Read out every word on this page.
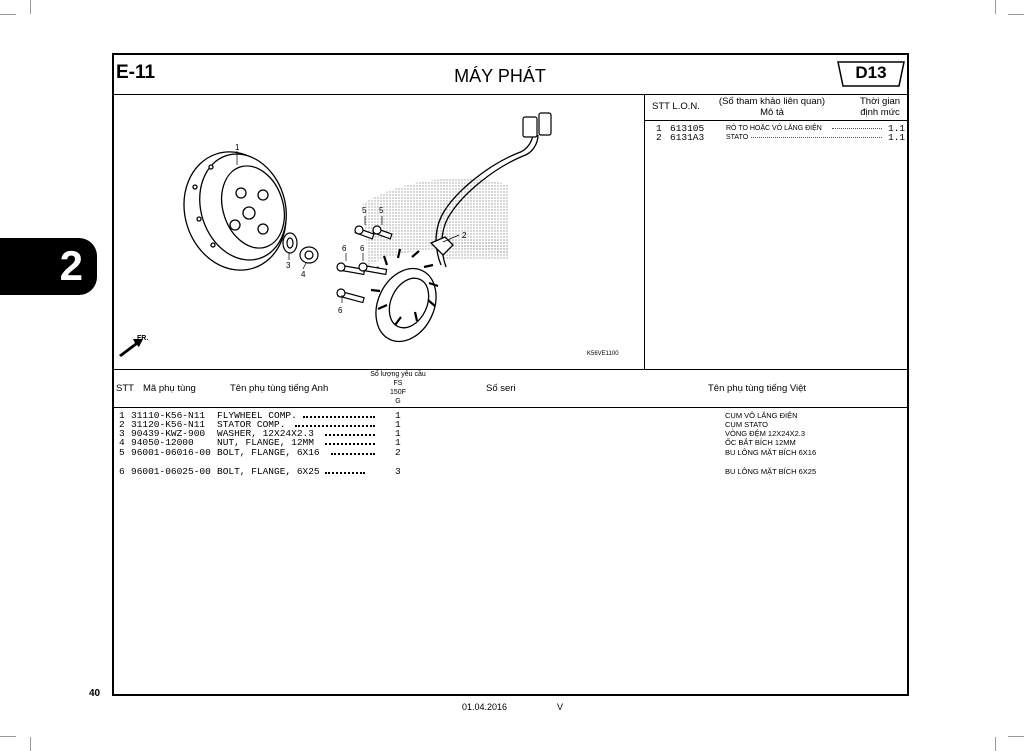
2
E-11	MÁY PHÁT	D13
STT L.O.N.	(Số tham khảo liên quan)
Mô tả
Thời gian
định mức
1 613105	RÔ TO HOẶC VÔ LĂNG ĐIỆN	1.1
2 6131A3	STATO	1.1
1
2
3
4
5 5
6 6
6
FR.
K56VE1100
STT Mã phụ tùng	Tên phụ tùng tiếng Anh
Số lượng yêu cầu
FS
150F
G
Số seri	Tên phụ tùng tiếng Việt
1 31110-K56-N11 FLYWHEEL COMP.	1	CỤM VÔ LĂNG ĐIỆN
2 31120-K56-N11 STATOR COMP.	1	CỤM STATO
3 90439-KWZ-900 WASHER, 12X24X2.3	1	VÒNG ĐỆM 12X24X2.3
4 94050-12000 NUT, FLANGE, 12MM	1	ỐC BẮT BÍCH 12MM
5 96001-06016-00 BOLT, FLANGE, 6X16	2	BU LÔNG MẶT BÍCH 6X16
6 96001-06025-00 BOLT, FLANGE, 6X25	3	BU LÔNG MẶT BÍCH 6X25
40
01.04.2016	V
